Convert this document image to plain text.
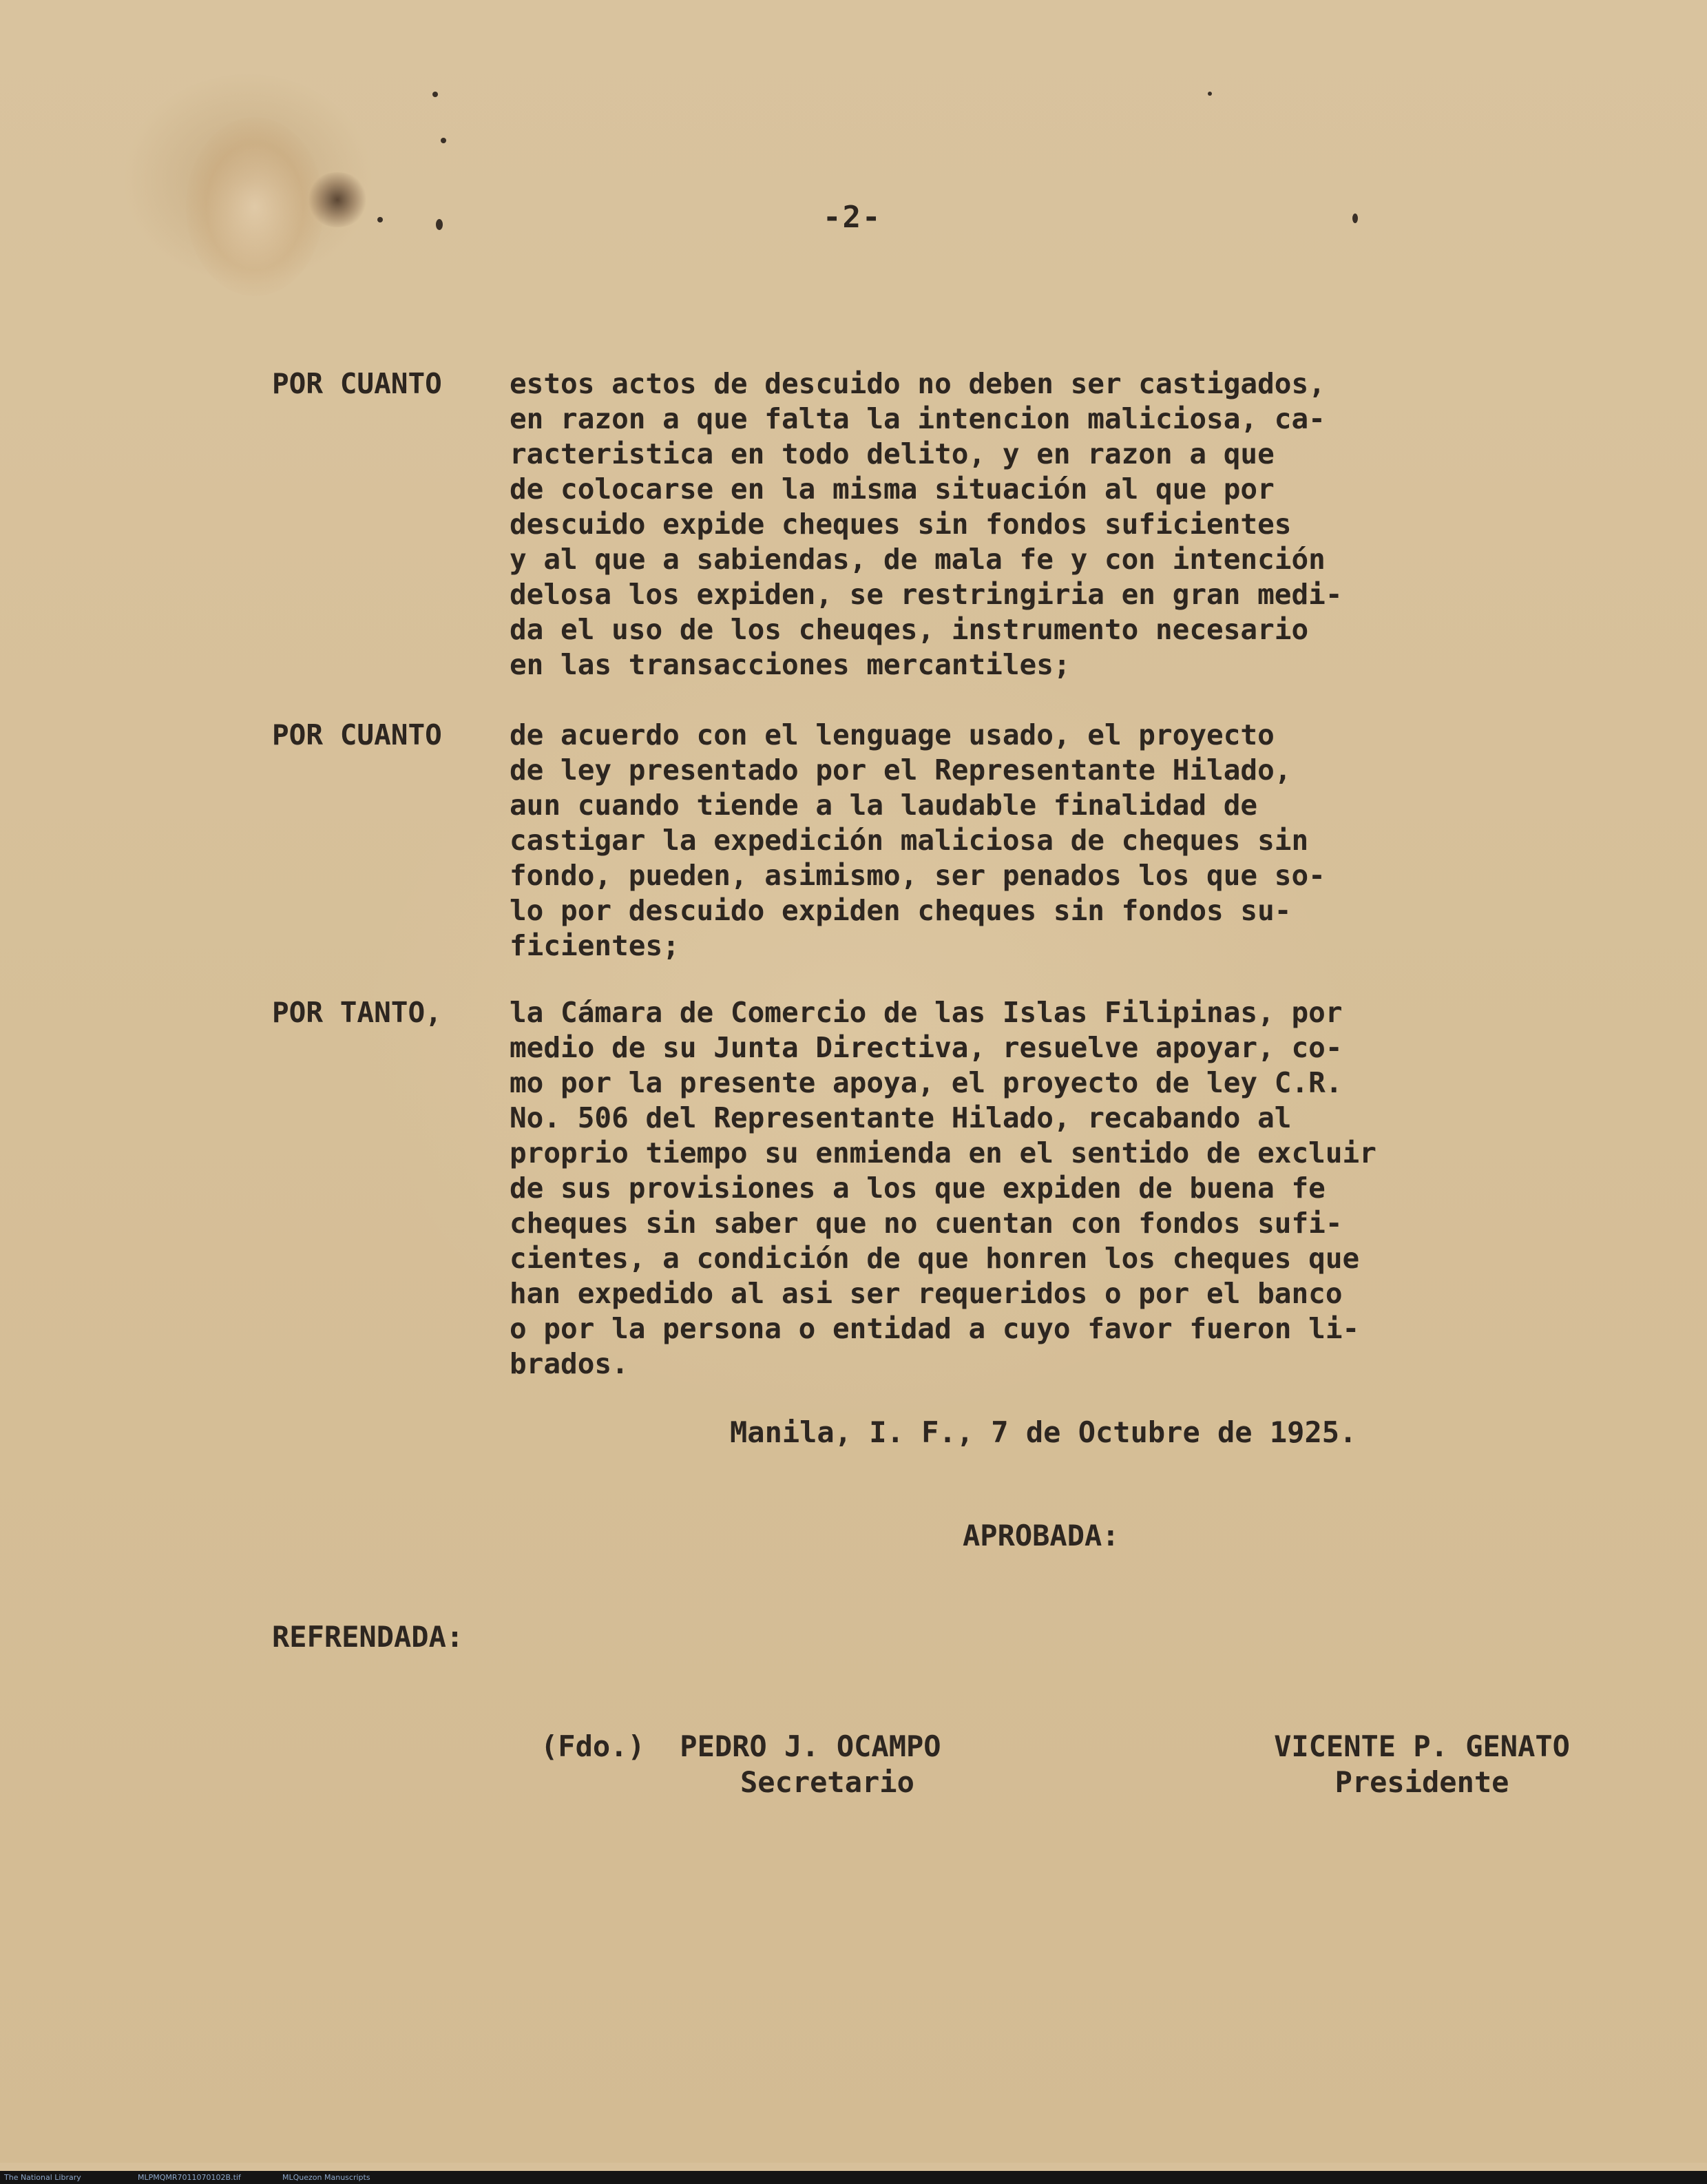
-2-
POR CUANTO	estos actos de descuido no deben ser castigados,
en razon a que falta la intencion maliciosa, ca-
racteristica en todo delito, y en razon a que
de colocarse en la misma situación al que por
descuido expide cheques sin fondos suficientes
y al que a sabiendas, de mala fe y con intención
delosa los expiden, se restringiria en gran medi-
da el uso de los cheuqes, instrumento necesario
en las transacciones mercantiles;
POR CUANTO	de acuerdo con el lenguage usado, el proyecto
de ley presentado por el Representante Hilado,
aun cuando tiende a la laudable finalidad de
castigar la expedición maliciosa de cheques sin
fondo, pueden, asimismo, ser penados los que so-
lo por descuido expiden cheques sin fondos su-
ficientes;
POR TANTO,	la Cámara de Comercio de las Islas Filipinas, por
medio de su Junta Directiva, resuelve apoyar, co-
mo por la presente apoya, el proyecto de ley C.R.
No. 506 del Representante Hilado, recabando al
proprio tiempo su enmienda en el sentido de excluir
de sus provisiones a los que expiden de buena fe
cheques sin saber que no cuentan con fondos sufi-
cientes, a condición de que honren los cheques que
han expedido al asi ser requeridos o por el banco
o por la persona o entidad a cuyo favor fueron li-
brados.
Manila, I. F., 7 de Octubre de 1925.
APROBADA:
REFRENDADA:
(Fdo.)  PEDRO J. OCAMPO
Secretario
VICENTE P. GENATO
Presidente
The National Library	MLPMQMR7011070102B.tif	MLQuezon Manuscripts
